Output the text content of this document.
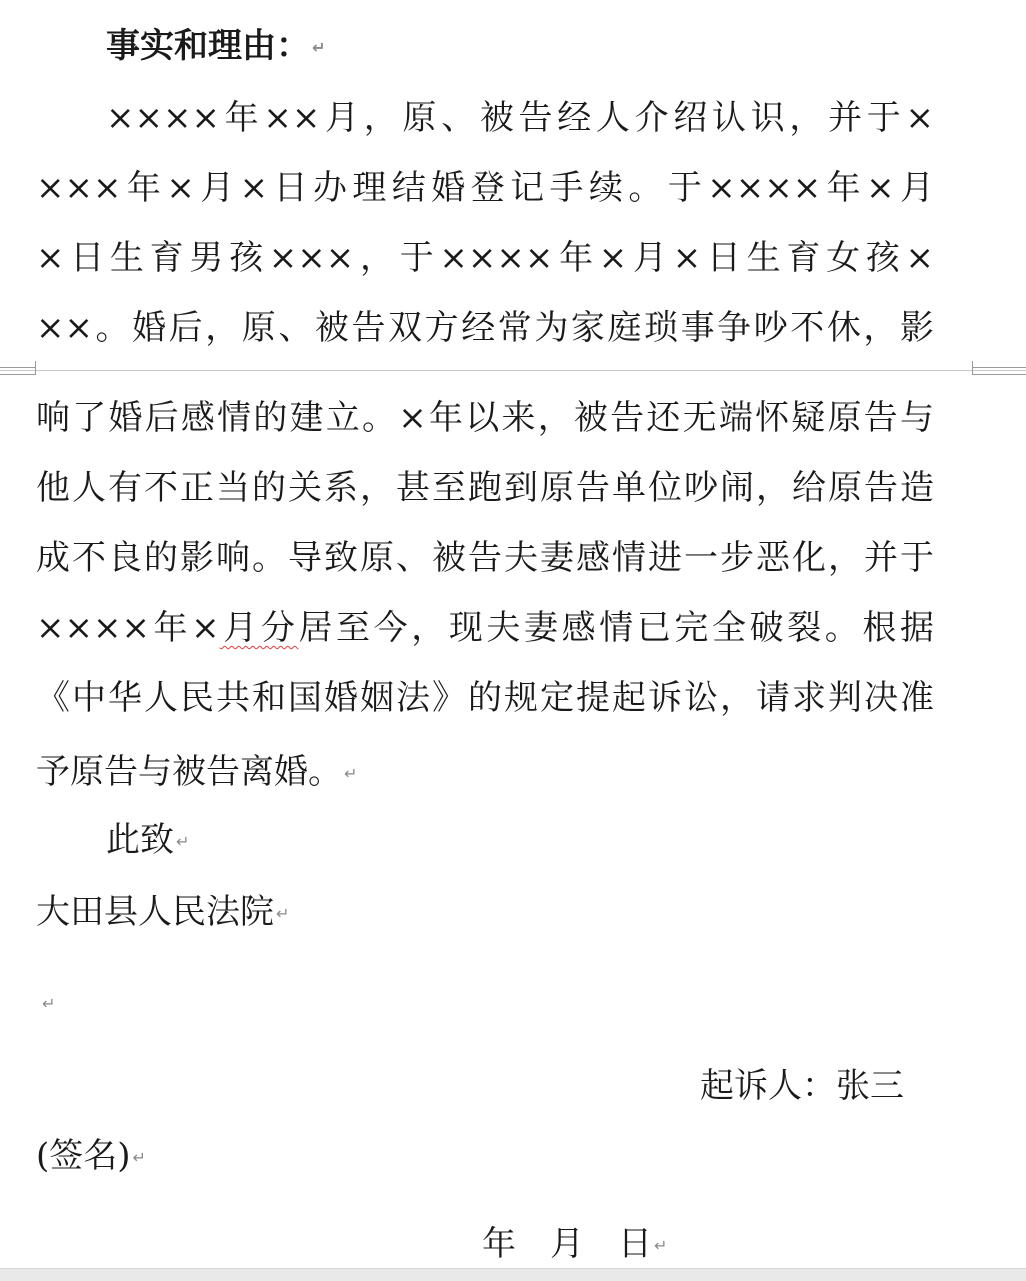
事实和理由： ↵
××××年××月，原、被告经人介绍认识，并于×
×××年×月×日办理结婚登记手续。于××××年×月
×日生育男孩×××，于××××年×月×日生育女孩×
××。婚后，原、被告双方经常为家庭琐事争吵不休，影
响了婚后感情的建立。×年以来，被告还无端怀疑原告与
他人有不正当的关系，甚至跑到原告单位吵闹，给原告造
成不良的影响。导致原、被告夫妻感情进一步恶化，并于
××××年×月分居至今，现夫妻感情已完全破裂。根据
《中华人民共和国婚姻法》的规定提起诉讼，请求判决准
予原告与被告离婚。 ↵
此致 ↵
大田县人民法院 ↵
↵
起诉人：张三
(签名) ↵
年　月　日 ↵
